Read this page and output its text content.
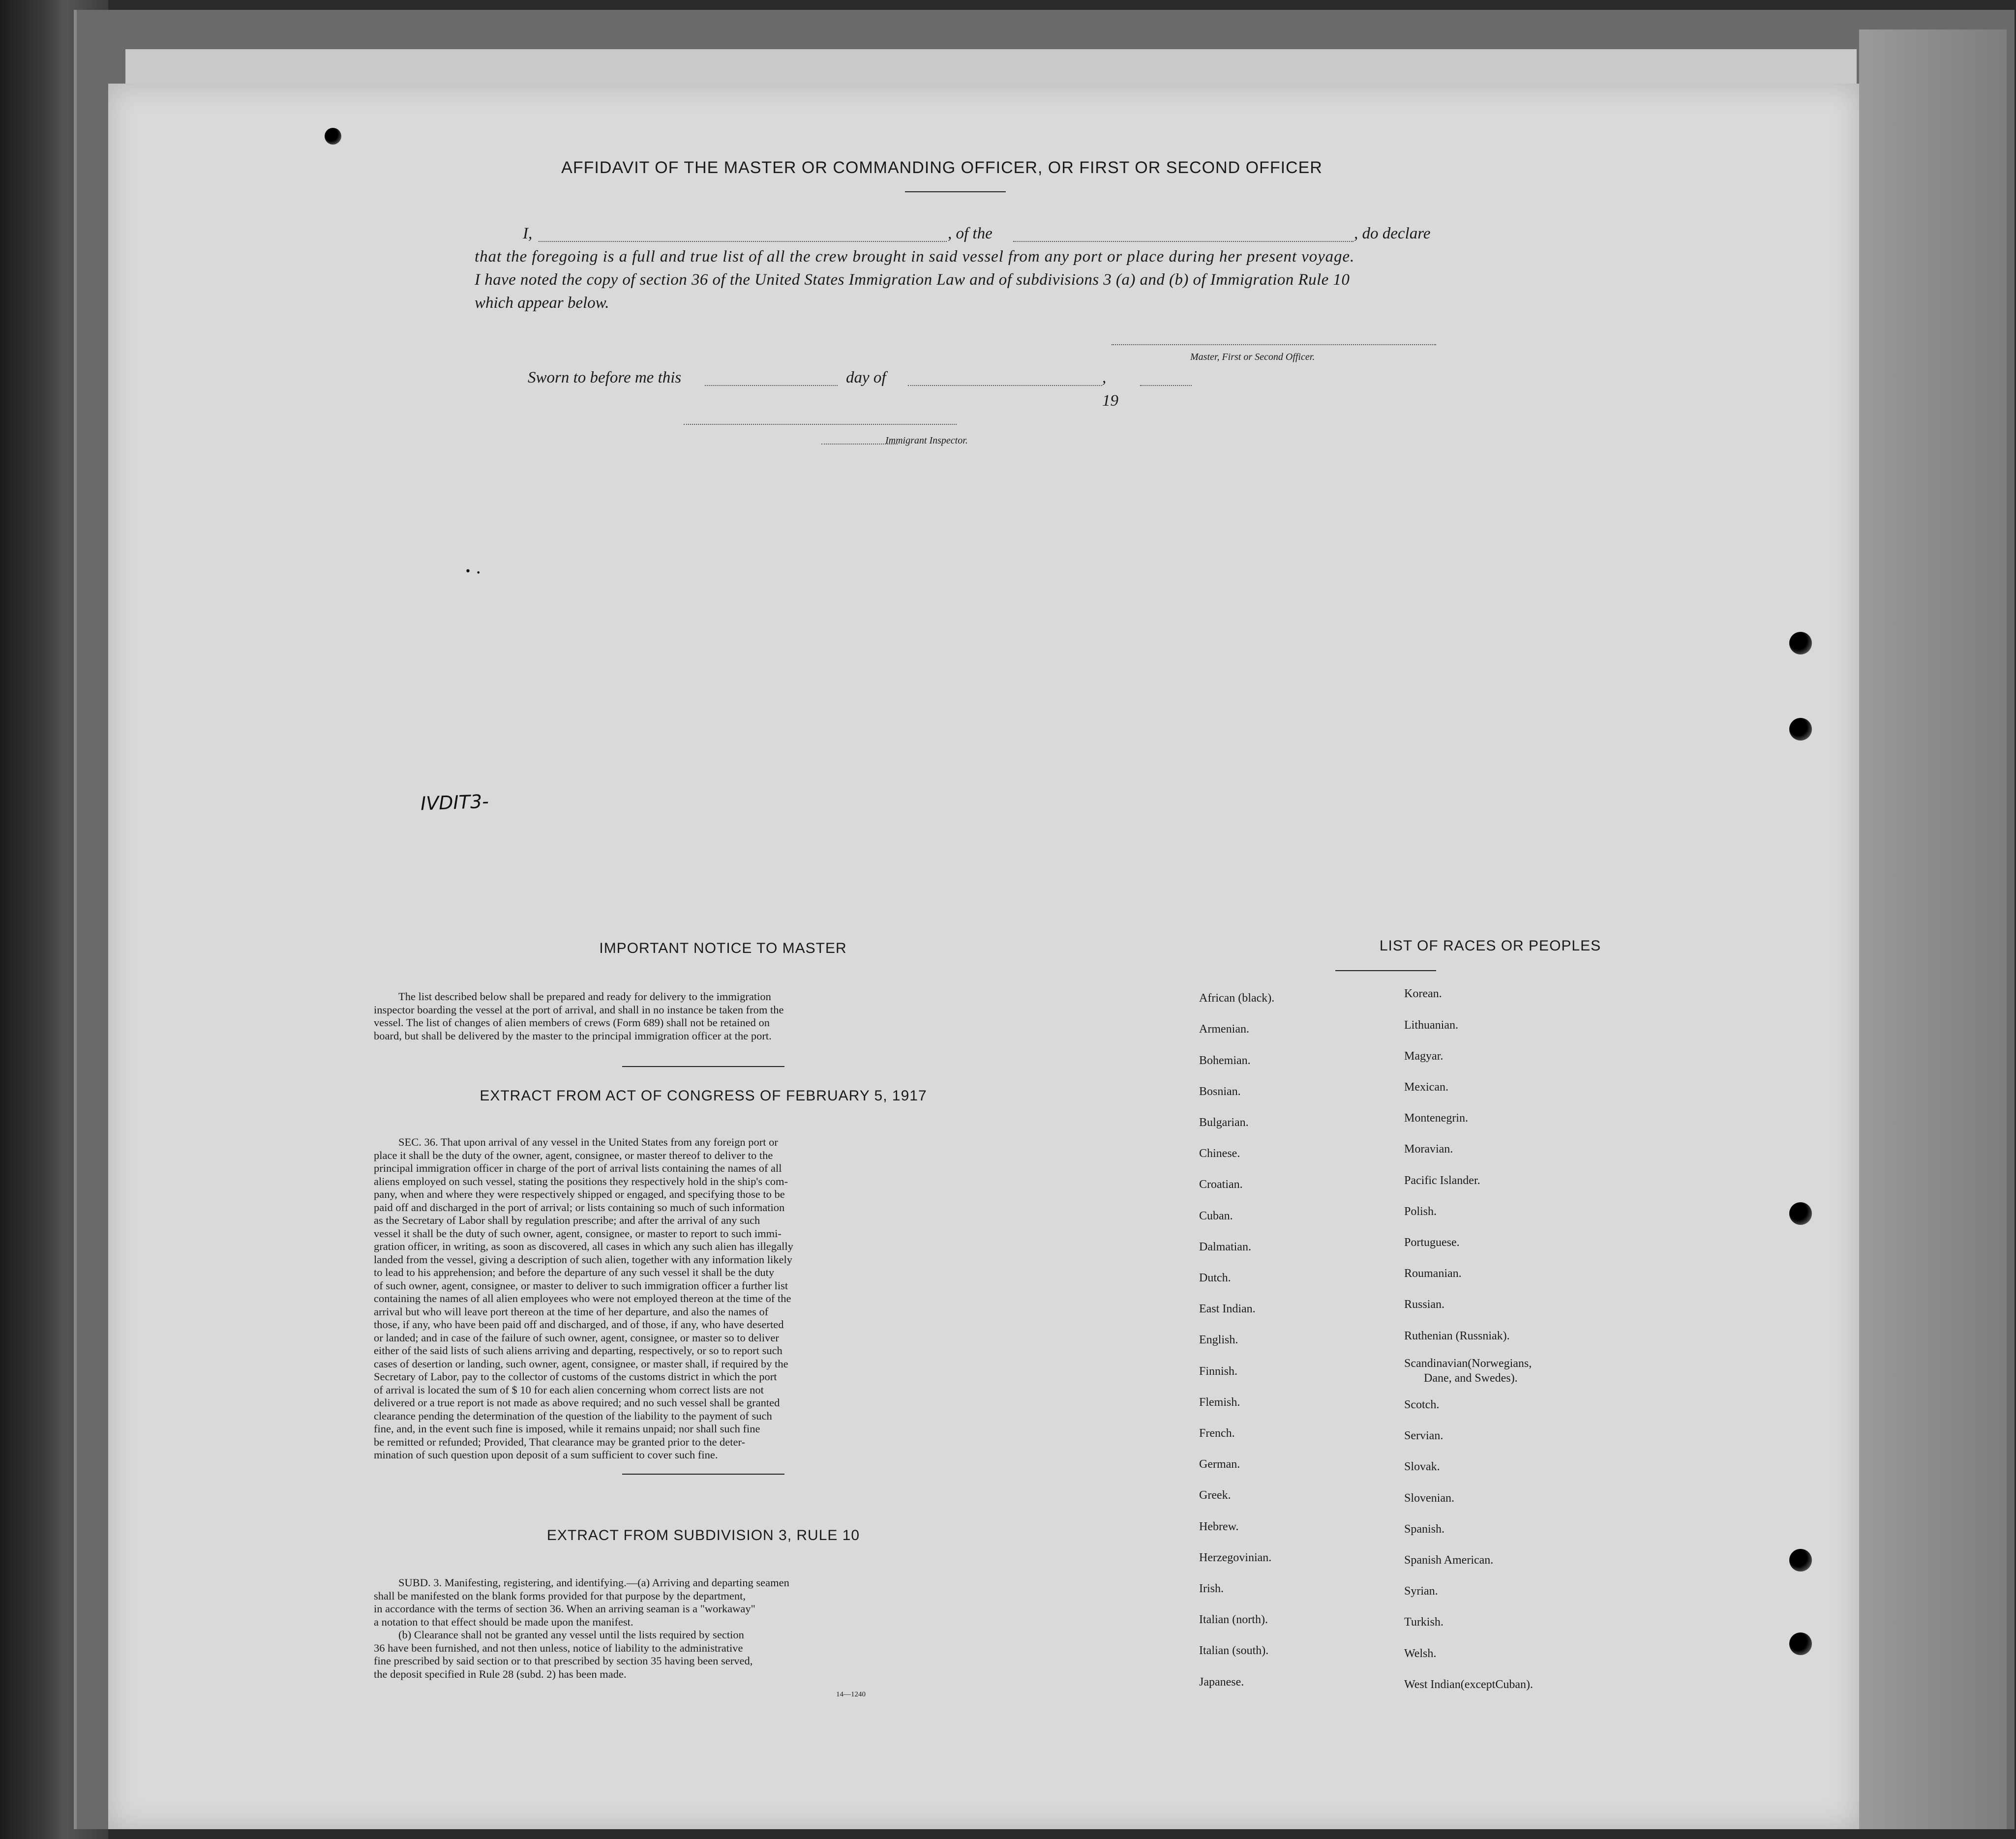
AFFIDAVIT OF THE MASTER OR COMMANDING OFFICER, OR FIRST OR SECOND OFFICER
I,	, of the	, do declare
that the foregoing is a full and true list of all the crew brought in said vessel from any port or place during her present voyage.
I have noted the copy of section 36 of the United States Immigration Law and of subdivisions 3 (a) and (b) of Immigration Rule 10
which appear below.
Master, First or Second Officer.
Sworn to before me this	day of	, 19
Immigrant Inspector.
IVDIT3-
• •
IMPORTANT NOTICE TO MASTER
The list described below shall be prepared and ready for delivery to the immigration
inspector boarding the vessel at the port of arrival, and shall in no instance be taken from the
vessel. The list of changes of alien members of crews (Form 689) shall not be retained on
board, but shall be delivered by the master to the principal immigration officer at the port.
EXTRACT FROM ACT OF CONGRESS OF FEBRUARY 5, 1917
SEC. 36. That upon arrival of any vessel in the United States from any foreign port or
place it shall be the duty of the owner, agent, consignee, or master thereof to deliver to the
principal immigration officer in charge of the port of arrival lists containing the names of all
aliens employed on such vessel, stating the positions they respectively hold in the ship's com-
pany, when and where they were respectively shipped or engaged, and specifying those to be
paid off and discharged in the port of arrival; or lists containing so much of such information
as the Secretary of Labor shall by regulation prescribe; and after the arrival of any such
vessel it shall be the duty of such owner, agent, consignee, or master to report to such immi-
gration officer, in writing, as soon as discovered, all cases in which any such alien has illegally
landed from the vessel, giving a description of such alien, together with any information likely
to lead to his apprehension; and before the departure of any such vessel it shall be the duty
of such owner, agent, consignee, or master to deliver to such immigration officer a further list
containing the names of all alien employees who were not employed thereon at the time of the
arrival but who will leave port thereon at the time of her departure, and also the names of
those, if any, who have been paid off and discharged, and of those, if any, who have deserted
or landed; and in case of the failure of such owner, agent, consignee, or master so to deliver
either of the said lists of such aliens arriving and departing, respectively, or so to report such
cases of desertion or landing, such owner, agent, consignee, or master shall, if required by the
Secretary of Labor, pay to the collector of customs of the customs district in which the port
of arrival is located the sum of $ 10 for each alien concerning whom correct lists are not
delivered or a true report is not made as above required; and no such vessel shall be granted
clearance pending the determination of the question of the liability to the payment of such
fine, and, in the event such fine is imposed, while it remains unpaid; nor shall such fine
be remitted or refunded; Provided, That clearance may be granted prior to the deter-
mination of such question upon deposit of a sum sufficient to cover such fine.
EXTRACT FROM SUBDIVISION 3, RULE 10
SUBD. 3. Manifesting, registering, and identifying.—(a) Arriving and departing seamen
shall be manifested on the blank forms provided for that purpose by the department,
in accordance with the terms of section 36. When an arriving seaman is a "workaway"
a notation to that effect should be made upon the manifest.
(b) Clearance shall not be granted any vessel until the lists required by section
36 have been furnished, and not then unless, notice of liability to the administrative
fine prescribed by said section or to that prescribed by section 35 having been served,
the deposit specified in Rule 28 (subd. 2) has been made.
14—1240
LIST OF RACES OR PEOPLES
African (black).
Armenian.
Bohemian.
Bosnian.
Bulgarian.
Chinese.
Croatian.
Cuban.
Dalmatian.
Dutch.
East Indian.
English.
Finnish.
Flemish.
French.
German.
Greek.
Hebrew.
Herzegovinian.
Irish.
Italian (north).
Italian (south).
Japanese.
Korean.
Lithuanian.
Magyar.
Mexican.
Montenegrin.
Moravian.
Pacific Islander.
Polish.
Portuguese.
Roumanian.
Russian.
Ruthenian (Russniak).
Scandinavian(Norwegians,
Dane, and Swedes).
Scotch.
Servian.
Slovak.
Slovenian.
Spanish.
Spanish American.
Syrian.
Turkish.
Welsh.
West Indian(exceptCuban).
